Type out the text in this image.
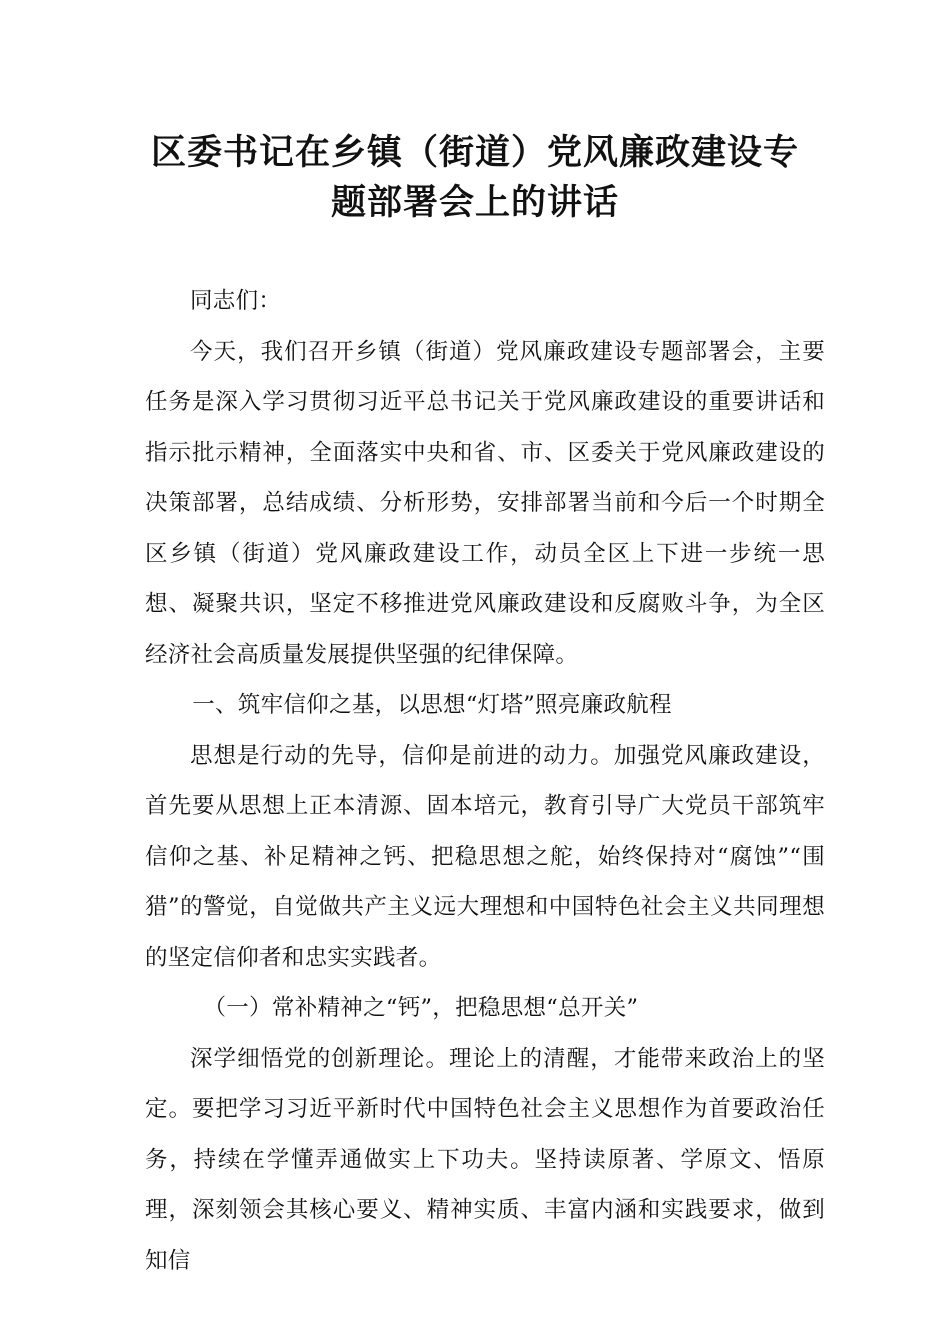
区委书记在乡镇（街道）党风廉政建设专
题部署会上的讲话

同志们：

今天，我们召开乡镇（街道）党风廉政建设专题部署会，主要任务是深入学习贯彻习近平总书记关于党风廉政建设的重要讲话和指示批示精神，全面落实中央和省、市、区委关于党风廉政建设的决策部署，总结成绩、分析形势，安排部署当前和今后一个时期全区乡镇（街道）党风廉政建设工作，动员全区上下进一步统一思想、凝聚共识，坚定不移推进党风廉政建设和反腐败斗争，为全区经济社会高质量发展提供坚强的纪律保障。

一、筑牢信仰之基，以思想“灯塔”照亮廉政航程

思想是行动的先导，信仰是前进的动力。加强党风廉政建设，首先要从思想上正本清源、固本培元，教育引导广大党员干部筑牢信仰之基、补足精神之钙、把稳思想之舵，始终保持对“腐蚀”“围猎”的警觉，自觉做共产主义远大理想和中国特色社会主义共同理想的坚定信仰者和忠实实践者。

（一）常补精神之“钙”，把稳思想“总开关”

深学细悟党的创新理论。理论上的清醒，才能带来政治上的坚定。要把学习习近平新时代中国特色社会主义思想作为首要政治任务，持续在学懂弄通做实上下功夫。坚持读原著、学原文、悟原理，深刻领会其核心要义、精神实质、丰富内涵和实践要求，做到知信
